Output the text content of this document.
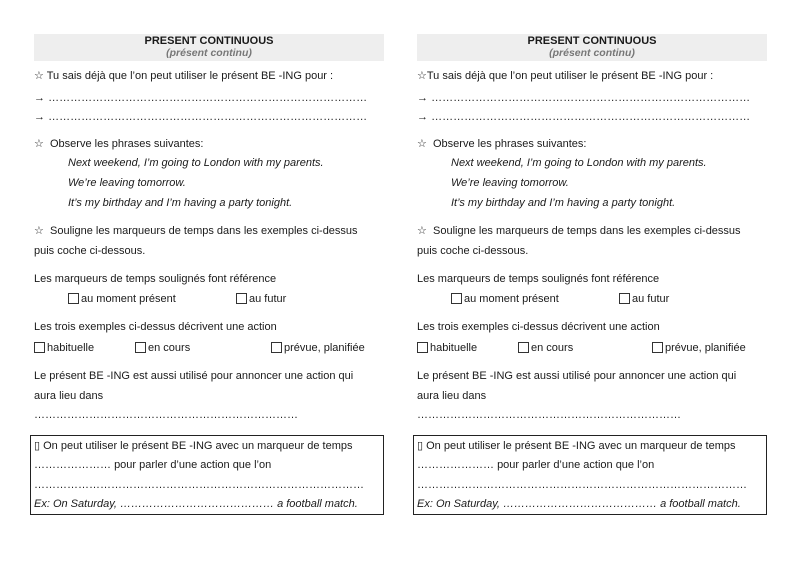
PRESENT CONTINUOUS
(présent continu)
☆ Tu sais déjà que l’on peut utiliser le présent BE -ING pour :
→ ……………………………………………………………………………
→ ……………………………………………………………………………
☆ Observe les phrases suivantes:
Next weekend, I’m going to London with my parents.
We’re leaving tomorrow.
It’s my birthday and I’m having a party tonight.
☆ Souligne les marqueurs de temps dans les exemples ci-dessus
puis coche ci-dessous.
Les marqueurs de temps soulignés font référence
au moment présent	au futur
Les trois exemples ci-dessus décrivent une action
habituelle	en cours	prévue, planifiée
Le présent BE -ING est aussi utilisé pour annoncer une action qui
aura lieu dans
………………………………………………………………
▯ On peut utiliser le présent BE -ING avec un marqueur de temps
………………… pour parler d’une action que l’on
………………………………………………………………………………
Ex: On Saturday, …………………………………… a football match.
PRESENT CONTINUOUS
(présent continu)
☆Tu sais déjà que l’on peut utiliser le présent BE -ING pour :
→ ……………………………………………………………………………
→ ……………………………………………………………………………
☆ Observe les phrases suivantes:
Next weekend, I’m going to London with my parents.
We’re leaving tomorrow.
It’s my birthday and I’m having a party tonight.
☆ Souligne les marqueurs de temps dans les exemples ci-dessus
puis coche ci-dessous.
Les marqueurs de temps soulignés font référence
au moment présent	au futur
Les trois exemples ci-dessus décrivent une action
habituelle	en cours	prévue, planifiée
Le présent BE -ING est aussi utilisé pour annoncer une action qui
aura lieu dans
………………………………………………………………
▯ On peut utiliser le présent BE -ING avec un marqueur de temps
………………… pour parler d’une action que l’on
………………………………………………………………………………
Ex: On Saturday, …………………………………… a football match.
